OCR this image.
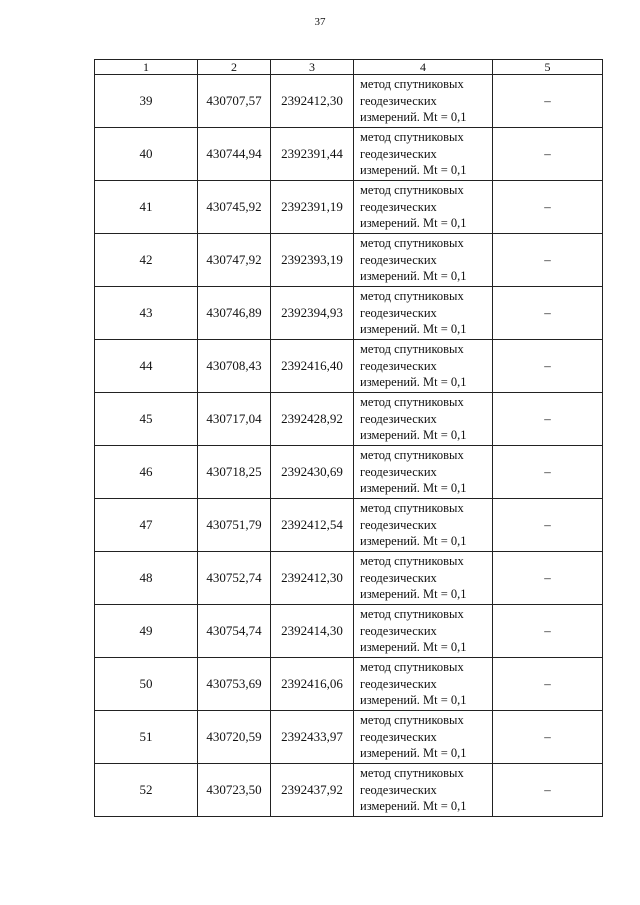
37
1	2	3	4	5
39	430707,57	2392412,30	метод спутниковых
геодезических
измерений. Mt = 0,1	–
40	430744,94	2392391,44	метод спутниковых
геодезических
измерений. Mt = 0,1	–
41	430745,92	2392391,19	метод спутниковых
геодезических
измерений. Mt = 0,1	–
42	430747,92	2392393,19	метод спутниковых
геодезических
измерений. Mt = 0,1	–
43	430746,89	2392394,93	метод спутниковых
геодезических
измерений. Mt = 0,1	–
44	430708,43	2392416,40	метод спутниковых
геодезических
измерений. Mt = 0,1	–
45	430717,04	2392428,92	метод спутниковых
геодезических
измерений. Mt = 0,1	–
46	430718,25	2392430,69	метод спутниковых
геодезических
измерений. Mt = 0,1	–
47	430751,79	2392412,54	метод спутниковых
геодезических
измерений. Mt = 0,1	–
48	430752,74	2392412,30	метод спутниковых
геодезических
измерений. Mt = 0,1	–
49	430754,74	2392414,30	метод спутниковых
геодезических
измерений. Mt = 0,1	–
50	430753,69	2392416,06	метод спутниковых
геодезических
измерений. Mt = 0,1	–
51	430720,59	2392433,97	метод спутниковых
геодезических
измерений. Mt = 0,1	–
52	430723,50	2392437,92	метод спутниковых
геодезических
измерений. Mt = 0,1	–
